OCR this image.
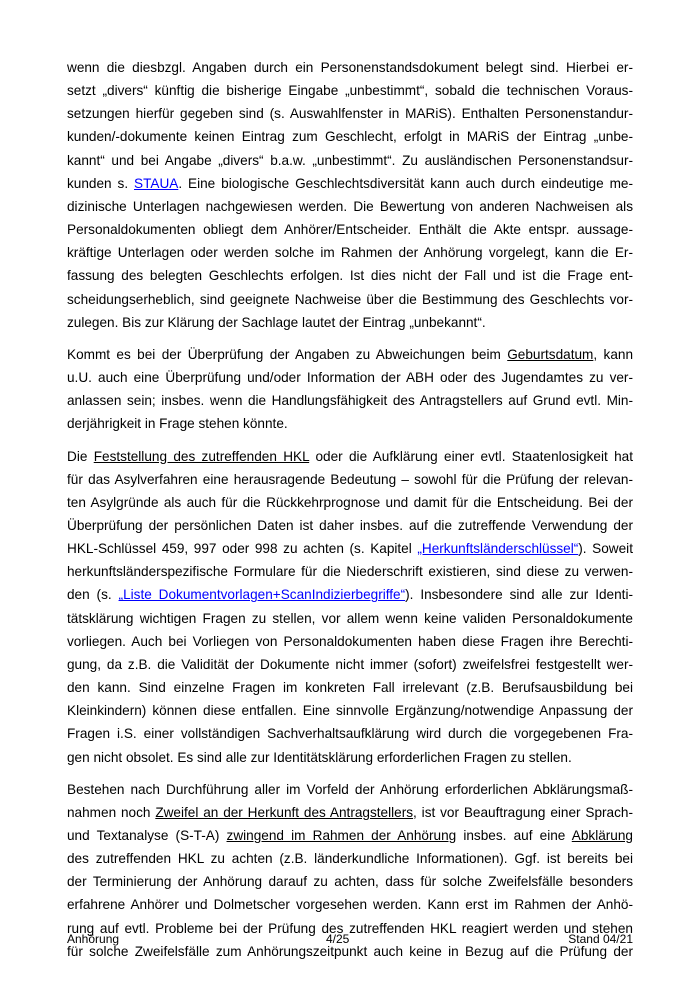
wenn die diesbzgl. Angaben durch ein Personenstandsdokument belegt sind. Hierbei er-
setzt „divers“ künftig die bisherige Eingabe „unbestimmt“, sobald die technischen Voraus-
setzungen hierfür gegeben sind (s. Auswahlfenster in MARiS). Enthalten Personenstandur-
kunden/-dokumente keinen Eintrag zum Geschlecht, erfolgt in MARiS der Eintrag „unbe-
kannt“ und bei Angabe „divers“ b.a.w. „unbestimmt“. Zu ausländischen Personenstandsur-
kunden s. STAUA. Eine biologische Geschlechtsdiversität kann auch durch eindeutige me-
dizinische Unterlagen nachgewiesen werden. Die Bewertung von anderen Nachweisen als
Personaldokumenten obliegt dem Anhörer/Entscheider. Enthält die Akte entspr. aussage-
kräftige Unterlagen oder werden solche im Rahmen der Anhörung vorgelegt, kann die Er-
fassung des belegten Geschlechts erfolgen. Ist dies nicht der Fall und ist die Frage ent-
scheidungserheblich, sind geeignete Nachweise über die Bestimmung des Geschlechts vor-
zulegen. Bis zur Klärung der Sachlage lautet der Eintrag „unbekannt“.
Kommt es bei der Überprüfung der Angaben zu Abweichungen beim Geburtsdatum, kann
u.U. auch eine Überprüfung und/oder Information der ABH oder des Jugendamtes zu ver-
anlassen sein; insbes. wenn die Handlungsfähigkeit des Antragstellers auf Grund evtl. Min-
derjährigkeit in Frage stehen könnte.
Die Feststellung des zutreffenden HKL oder die Aufklärung einer evtl. Staatenlosigkeit hat
für das Asylverfahren eine herausragende Bedeutung – sowohl für die Prüfung der relevan-
ten Asylgründe als auch für die Rückkehrprognose und damit für die Entscheidung. Bei der
Überprüfung der persönlichen Daten ist daher insbes. auf die zutreffende Verwendung der
HKL-Schlüssel 459, 997 oder 998 zu achten (s. Kapitel „Herkunftsländerschlüssel“). Soweit
herkunftsländerspezifische Formulare für die Niederschrift existieren, sind diese zu verwen-
den (s. „Liste Dokumentvorlagen+ScanIndizierbegriffe“). Insbesondere sind alle zur Identi-
tätsklärung wichtigen Fragen zu stellen, vor allem wenn keine validen Personaldokumente
vorliegen. Auch bei Vorliegen von Personaldokumenten haben diese Fragen ihre Berechti-
gung, da z.B. die Validität der Dokumente nicht immer (sofort) zweifelsfrei festgestellt wer-
den kann. Sind einzelne Fragen im konkreten Fall irrelevant (z.B. Berufsausbildung bei
Kleinkindern) können diese entfallen. Eine sinnvolle Ergänzung/notwendige Anpassung der
Fragen i.S. einer vollständigen Sachverhaltsaufklärung wird durch die vorgegebenen Fra-
gen nicht obsolet. Es sind alle zur Identitätsklärung erforderlichen Fragen zu stellen.
Bestehen nach Durchführung aller im Vorfeld der Anhörung erforderlichen Abklärungsmaß-
nahmen noch Zweifel an der Herkunft des Antragstellers, ist vor Beauftragung einer Sprach-
und Textanalyse (S-T-A) zwingend im Rahmen der Anhörung insbes. auf eine Abklärung
des zutreffenden HKL zu achten (z.B. länderkundliche Informationen). Ggf. ist bereits bei
der Terminierung der Anhörung darauf zu achten, dass für solche Zweifelsfälle besonders
erfahrene Anhörer und Dolmetscher vorgesehen werden. Kann erst im Rahmen der Anhö-
rung auf evtl. Probleme bei der Prüfung des zutreffenden HKL reagiert werden und stehen
für solche Zweifelsfälle zum Anhörungszeitpunkt auch keine in Bezug auf die Prüfung der
Anhörung	4/25	Stand 04/21
